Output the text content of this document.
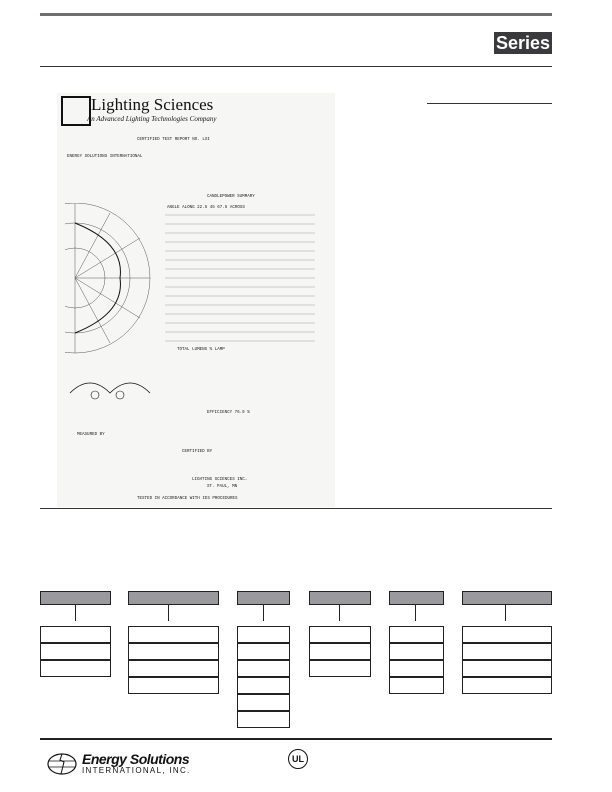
Series
Lighting Sciences
An Advanced Lighting Technologies Company
CERTIFIED TEST REPORT NO. LSI
ENERGY SOLUTIONS INTERNATIONAL
CANDLEPOWER SUMMARY
ANGLE ALONG 22.5 45 67.5 ACROSS
TOTAL LUMENS % LAMP
EFFICIENCY 76.9 %
MEASURED BY
CERTIFIED BY
LIGHTING SCIENCES INC.
ST. PAUL, MN
TESTED IN ACCORDANCE WITH IES PROCEDURES
Energy Solutions
INTERNATIONAL, INC.
UL
